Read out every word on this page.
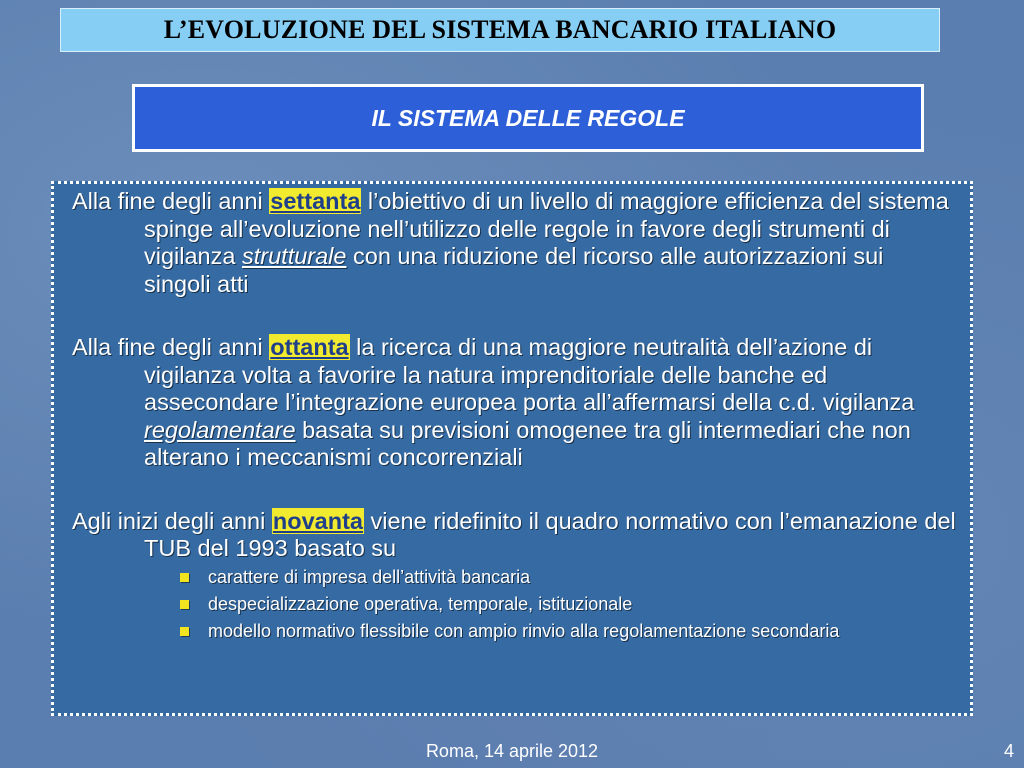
L’EVOLUZIONE DEL SISTEMA BANCARIO ITALIANO
IL SISTEMA DELLE REGOLE
Alla fine degli anni settanta l’obiettivo di un livello di maggiore efficienza del sistema spinge all’evoluzione nell’utilizzo delle regole in favore degli strumenti di vigilanza strutturale con una riduzione del ricorso alle autorizzazioni sui singoli atti
Alla fine degli anni ottanta la ricerca di una maggiore neutralità dell’azione di vigilanza volta a favorire la natura imprenditoriale delle banche ed assecondare l’integrazione europea porta all’affermarsi della c.d. vigilanza regolamentare basata su previsioni omogenee tra gli intermediari che non alterano i meccanismi concorrenziali
Agli inizi degli anni novanta viene ridefinito il quadro normativo con l’emanazione del TUB del 1993 basato su
carattere di impresa dell’attività bancaria
despecializzazione operativa, temporale, istituzionale
modello normativo flessibile con ampio rinvio alla regolamentazione secondaria
Roma, 14 aprile 2012	4
